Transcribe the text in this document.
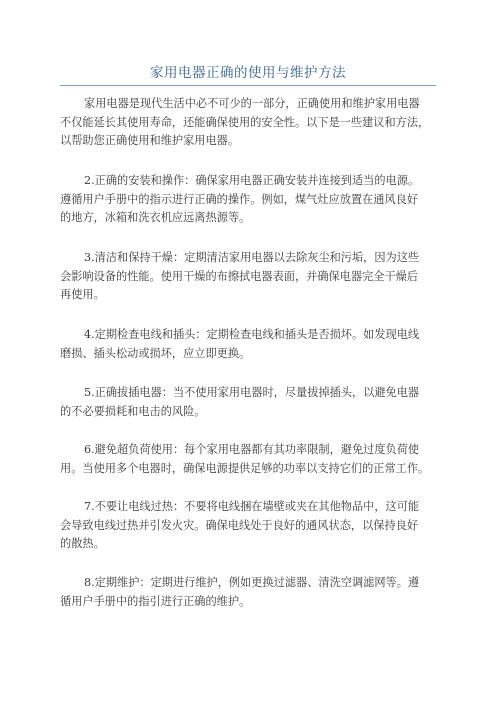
家用电器正确的使用与维护方法

家用电器是现代生活中必不可少的一部分，正确使用和维护家用电器
不仅能延长其使用寿命，还能确保使用的安全性。以下是一些建议和方法，
以帮助您正确使用和维护家用电器。

2.正确的安装和操作：确保家用电器正确安装并连接到适当的电源。
遵循用户手册中的指示进行正确的操作。例如，煤气灶应放置在通风良好
的地方，冰箱和洗衣机应远离热源等。

3.清洁和保持干燥：定期清洁家用电器以去除灰尘和污垢，因为这些
会影响设备的性能。使用干燥的布擦拭电器表面，并确保电器完全干燥后
再使用。

4.定期检查电线和插头：定期检查电线和插头是否损坏。如发现电线
磨损、插头松动或损坏，应立即更换。

5.正确拔插电器：当不使用家用电器时，尽量拔掉插头，以避免电器
的不必要损耗和电击的风险。

6.避免超负荷使用：每个家用电器都有其功率限制，避免过度负荷使
用。当使用多个电器时，确保电源提供足够的功率以支持它们的正常工作。

7.不要让电线过热：不要将电线捆在墙壁或夹在其他物品中，这可能
会导致电线过热并引发火灾。确保电线处于良好的通风状态，以保持良好
的散热。

8.定期维护：定期进行维护，例如更换过滤器、清洗空调滤网等。遵
循用户手册中的指引进行正确的维护。
